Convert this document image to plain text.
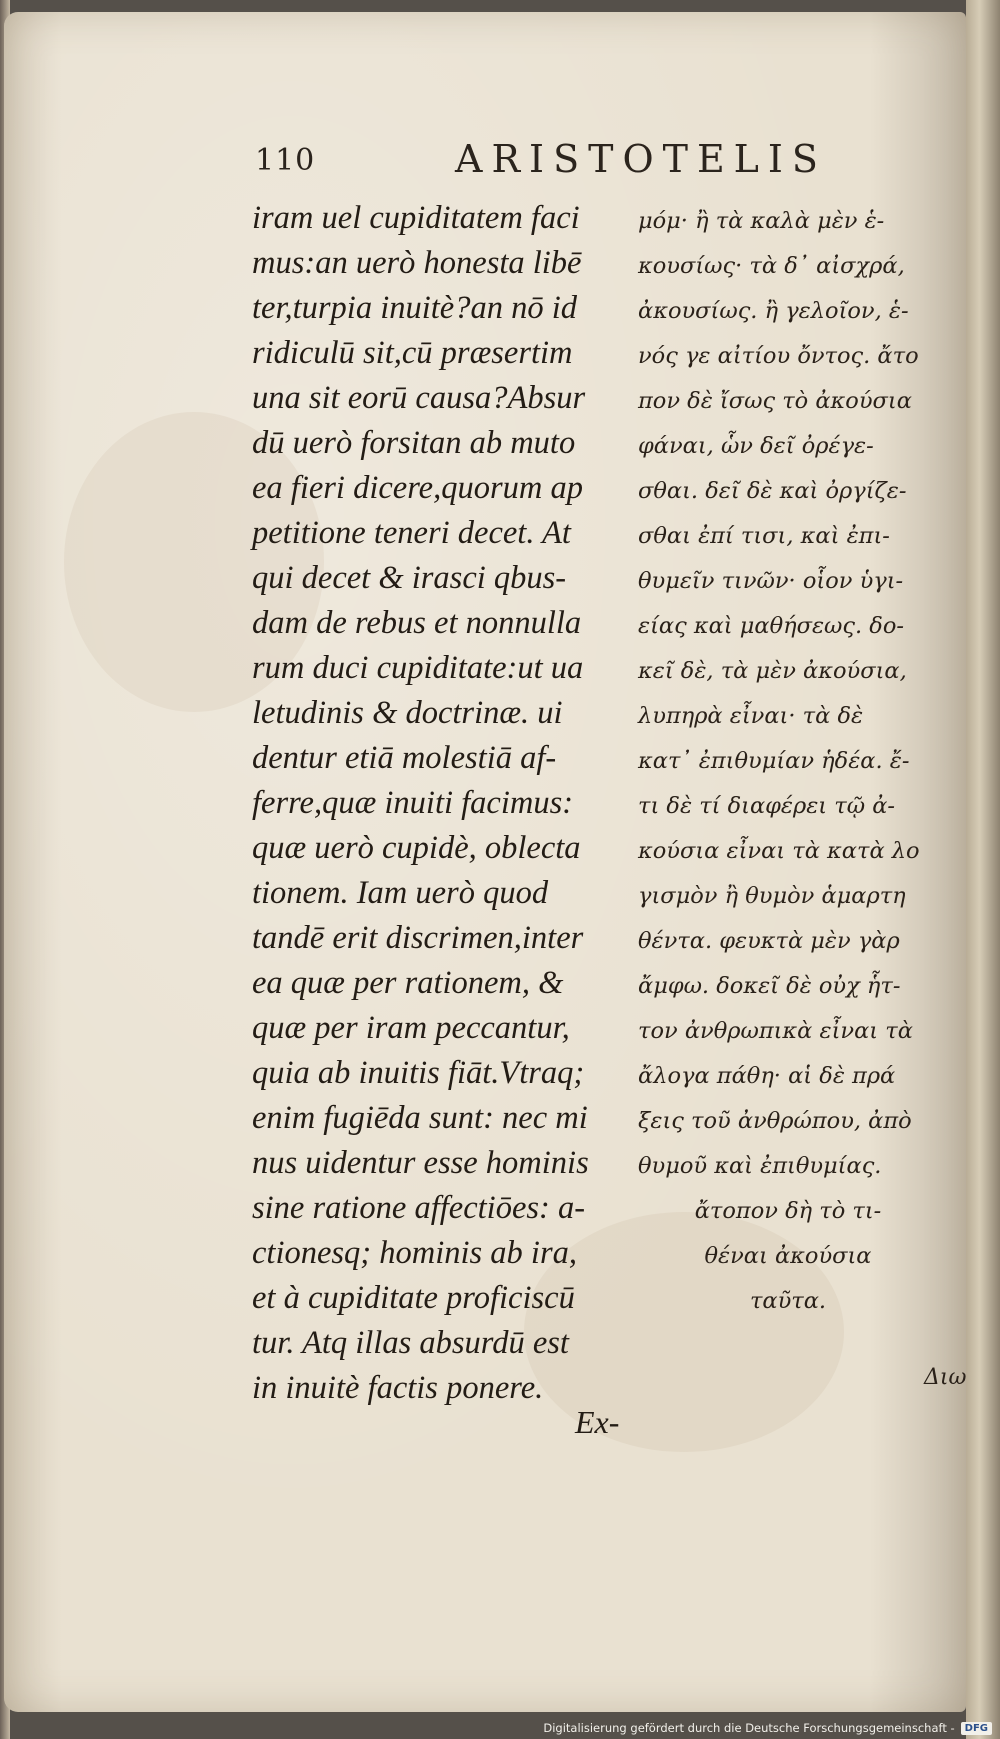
110	ARISTOTELIS
iram uel cupiditatem faci
mus:an uerò honesta libē
ter,turpia inuitè?an nō id
ridiculū sit,cū præsertim
una sit eorū causa?Absur
dū uerò forsitan ab muto
ea fieri dicere,quorum ap
petitione teneri decet. At
qui decet & irasci qbus-
dam de rebus et nonnulla
rum duci cupiditate:ut ua
letudinis & doctrinæ. ui
dentur etiā molestiā af-
ferre,quæ inuiti facimus:
quæ uerò cupidè, oblecta
tionem. Iam uerò quod
tandē erit discrimen,inter
ea quæ per rationem, &
quæ per iram peccantur,
quia ab inuitis fiāt.Vtraq;
enim fugiēda sunt: nec mi
nus uidentur esse hominis
sine ratione affectiōes: a-
ctionesq; hominis ab ira,
et à cupiditate proficiscū
tur. Atq illas absurdū est
in inuitè factis ponere.
μόμ· ἢ τὰ καλὰ μὲν ἑ-
κουσίως· τὰ δ᾽ αἰσχρά,
ἀκουσίως. ἢ γελοῖον, ἑ-
νός γε αἰτίου ὄντος. ἄτο
πον δὲ ἴσως τὸ ἀκούσια
φάναι, ὧν δεῖ ὀρέγε-
σθαι. δεῖ δὲ καὶ ὀργίζε-
σθαι ἐπί τισι, καὶ ἐπι-
θυμεῖν τινῶν· οἷον ὑγι-
είας καὶ μαθήσεως. δο-
κεῖ δὲ, τὰ μὲν ἀκούσια,
λυπηρὰ εἶναι· τὰ δὲ
κατ᾽ ἐπιθυμίαν ἡδέα. ἔ-
τι δὲ τί διαφέρει τῷ ἀ-
κούσια εἶναι τὰ κατὰ λο
γισμὸν ἢ θυμὸν ἁμαρτη
θέντα. φευκτὰ μὲν γὰρ
ἄμφω. δοκεῖ δὲ οὐχ ἧτ-
τον ἀνθρωπικὰ εἶναι τὰ
ἄλογα πάθη· αἱ δὲ πρά
ξεις τοῦ ἀνθρώπου, ἀπὸ
θυμοῦ καὶ ἐπιθυμίας.
ἄτοπον δὴ τὸ τι-
θέναι ἀκούσια
ταῦτα.
Ex-
Διω
Digitalisierung gefördert durch die Deutsche Forschungsgemeinschaft -	DFG
